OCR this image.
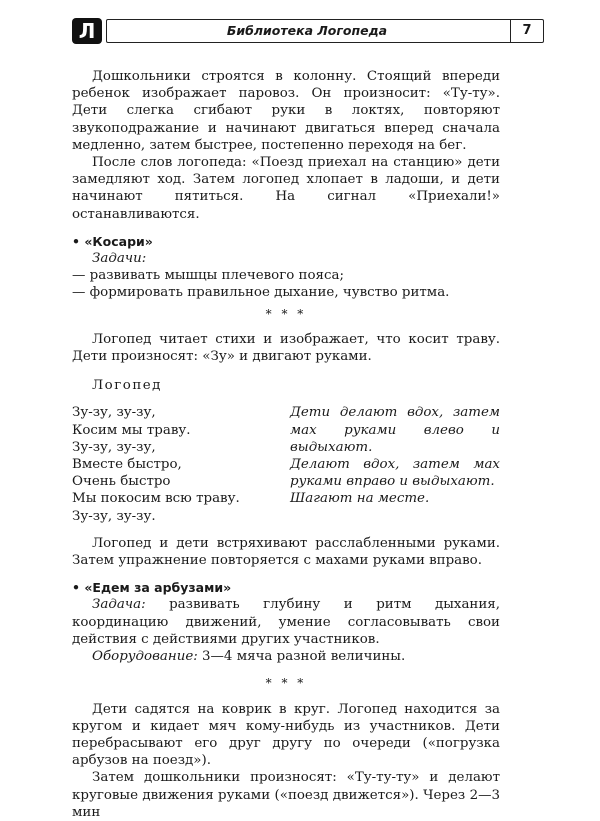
Л	Библиотека Логопеда	7

Дошкольники строятся в колонну. Стоящий впереди ребенок изображает паровоз. Он произносит: «Ту-ту». Дети слегка сгибают руки в локтях, повторяют звукоподражание и начинают двигаться вперед сначала медленно, затем быстрее, постепенно переходя на бег.

После слов логопеда: «Поезд приехал на станцию» дети замедляют ход. Затем логопед хлопает в ладоши, и дети начинают пятиться. На сигнал «Приехали!» останавливаются.

• «Косари»

Задачи:

— развивать мышцы плечевого пояса;

— формировать правильное дыхание, чувство ритма.

* * *

Логопед читает стихи и изображает, что косит траву. Дети произносят: «Зу» и двигают руками.

Логопед

Зу-зу, зу-зу,
Косим мы траву.
Зу-зу, зу-зу,
Вместе быстро,
Очень быстро
Мы покосим всю траву.
Зу-зу, зу-зу.
Дети делают вдох, затем мах руками влево и выдыхают.
Делают вдох, затем мах руками вправо и выдыхают.
Шагают на месте.

Логопед и дети встряхивают расслабленными руками. Затем упражнение повторяется с махами руками вправо.

• «Едем за арбузами»

Задача: развивать глубину и ритм дыхания, координацию движений, умение согласовывать свои действия с действиями других участников.

Оборудование: 3—4 мяча разной величины.

* * *

Дети садятся на коврик в круг. Логопед находится за кругом и кидает мяч кому-нибудь из участников. Дети перебрасывают его друг другу по очереди («погрузка арбузов на поезд»).

Затем дошкольники произносят: «Ту-ту-ту» и делают круговые движения руками («поезд движется»). Через 2—3 мин
